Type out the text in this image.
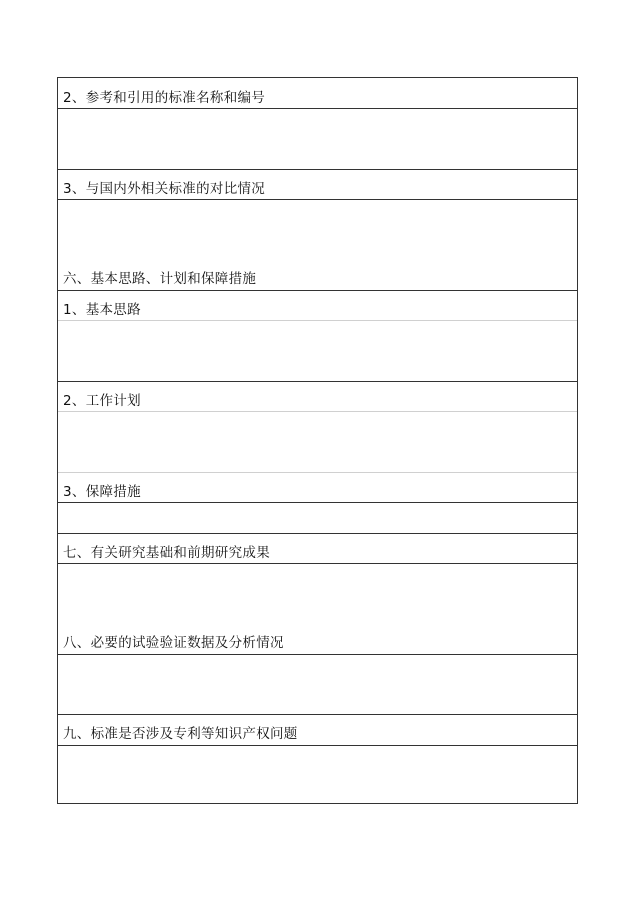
2、参考和引用的标准名称和编号
3、与国内外相关标准的对比情况
六、基本思路、计划和保障措施
1、基本思路
2、工作计划
3、保障措施
七、有关研究基础和前期研究成果
八、必要的试验验证数据及分析情况
九、标准是否涉及专利等知识产权问题
